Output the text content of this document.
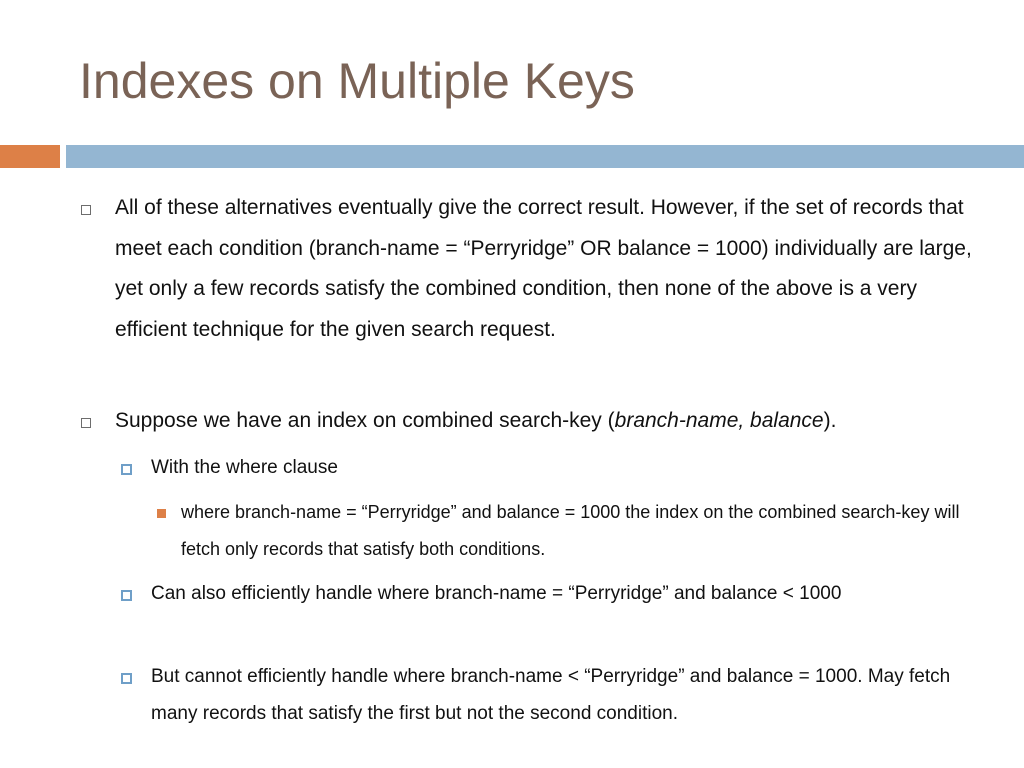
Indexes on Multiple Keys
All of these alternatives eventually give the correct result. However, if the set of records that meet each condition (branch-name = “Perryridge” OR balance = 1000) individually are large, yet only a few records satisfy the combined condition, then none of the above is a very efficient technique for the given search request.
Suppose we have an index on combined search-key (branch-name, balance).
With the where clause
where branch-name = “Perryridge” and balance = 1000 the index on the combined search-key will fetch only records that satisfy both conditions.
Can also efficiently handle where branch-name = “Perryridge” and balance < 1000
But cannot efficiently handle where branch-name < “Perryridge” and balance = 1000. May fetch many records that satisfy the first but not the second condition.
